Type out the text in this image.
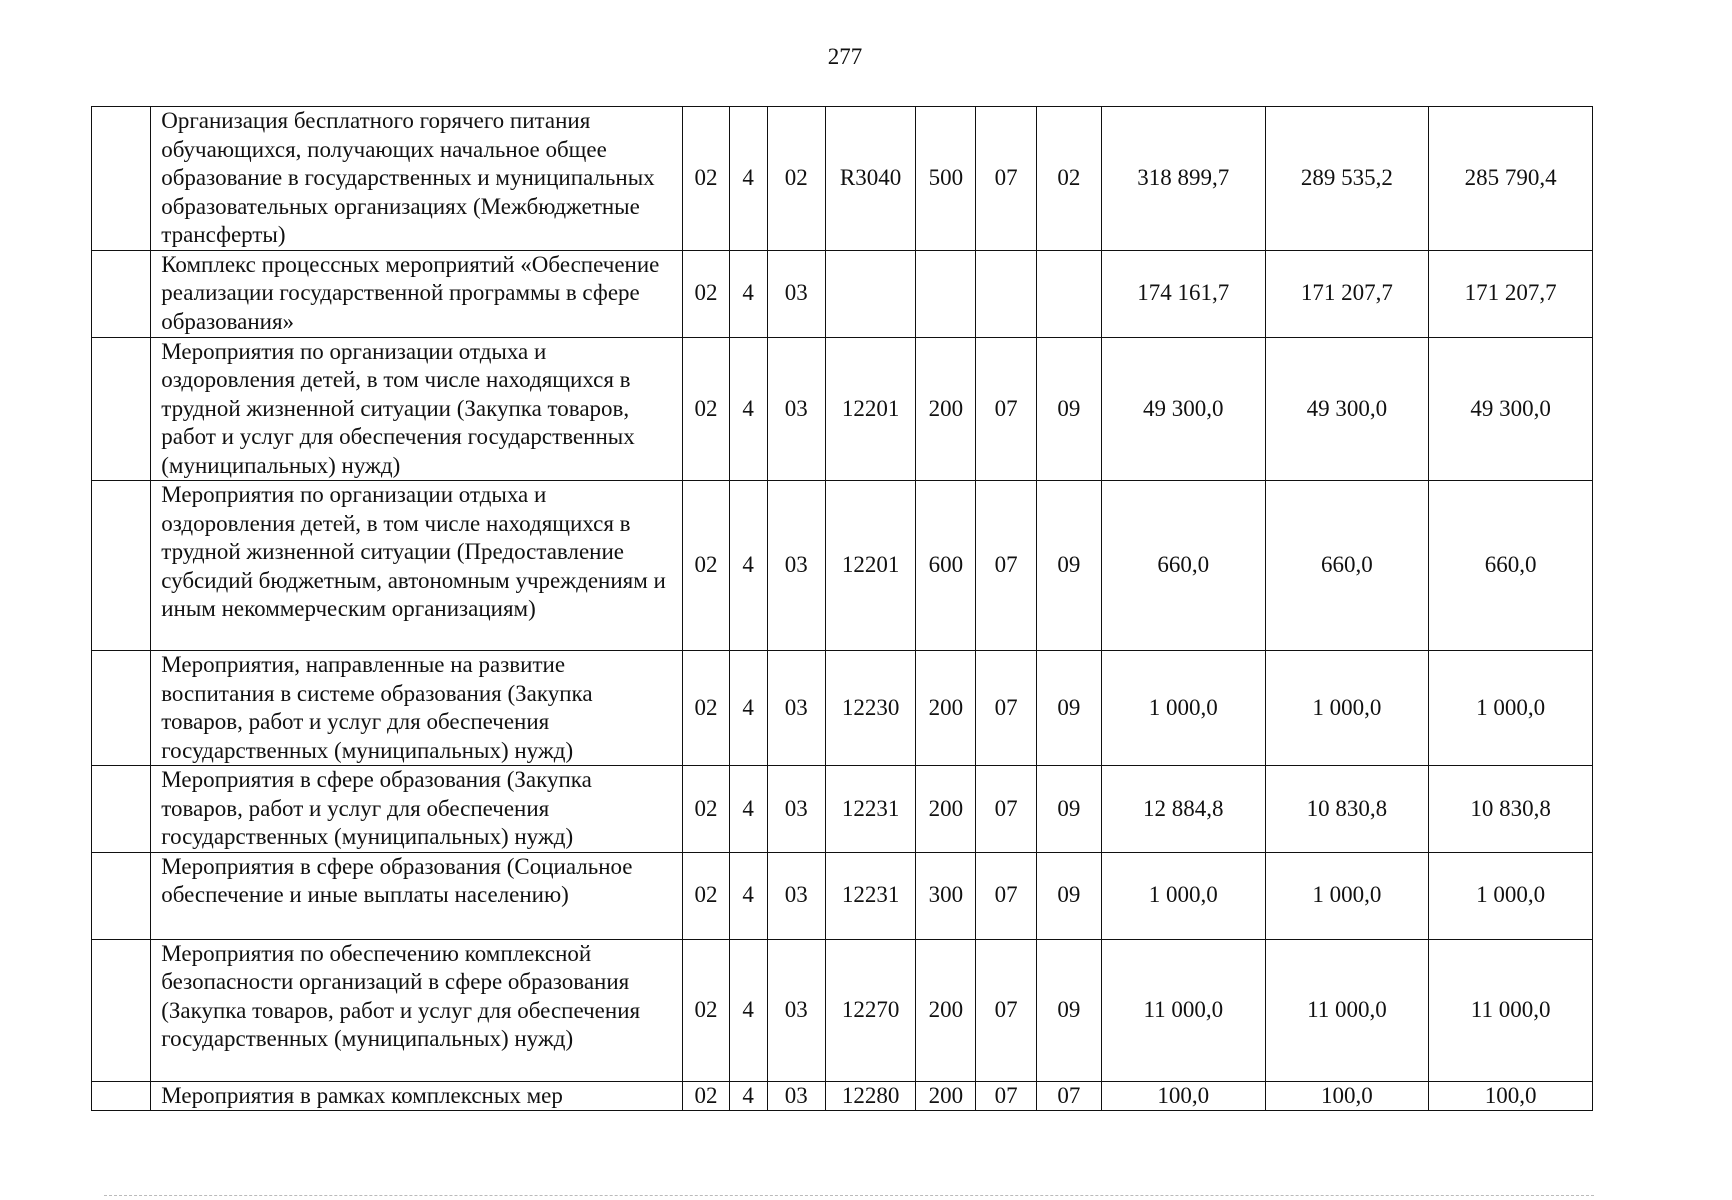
277
	Организация бесплатного горячего питания обучающихся, получающих начальное общее образование в государственных и муниципальных образовательных организациях (Межбюджетные трансферты)	02	4	02	R3040	500	07	02	318 899,7	289 535,2	285 790,4
	Комплекс процессных мероприятий «Обеспечение реализации государственной программы в сфере образования»	02	4	03					174 161,7	171 207,7	171 207,7
	Мероприятия по организации отдыха и оздоровления детей, в том числе находящихся в трудной жизненной ситуации (Закупка товаров, работ и услуг для обеспечения государственных (муниципальных) нужд)	02	4	03	12201	200	07	09	49 300,0	49 300,0	49 300,0
	Мероприятия по организации отдыха и оздоровления детей, в том числе находящихся в трудной жизненной ситуации (Предоставление субсидий бюджетным, автономным учреждениям и иным некоммерческим организациям)	02	4	03	12201	600	07	09	660,0	660,0	660,0
	Мероприятия, направленные на развитие воспитания в системе образования (Закупка товаров, работ и услуг для обеспечения государственных (муниципальных) нужд)	02	4	03	12230	200	07	09	1 000,0	1 000,0	1 000,0
	Мероприятия в сфере образования (Закупка товаров, работ и услуг для обеспечения государственных (муниципальных) нужд)	02	4	03	12231	200	07	09	12 884,8	10 830,8	10 830,8
	Мероприятия в сфере образования (Социальное обеспечение и иные выплаты населению)	02	4	03	12231	300	07	09	1 000,0	1 000,0	1 000,0
	Мероприятия по обеспечению комплексной безопасности организаций в сфере образования (Закупка товаров, работ и услуг для обеспечения государственных (муниципальных) нужд)	02	4	03	12270	200	07	09	11 000,0	11 000,0	11 000,0
	Мероприятия в рамках комплексных мер	02	4	03	12280	200	07	07	100,0	100,0	100,0
